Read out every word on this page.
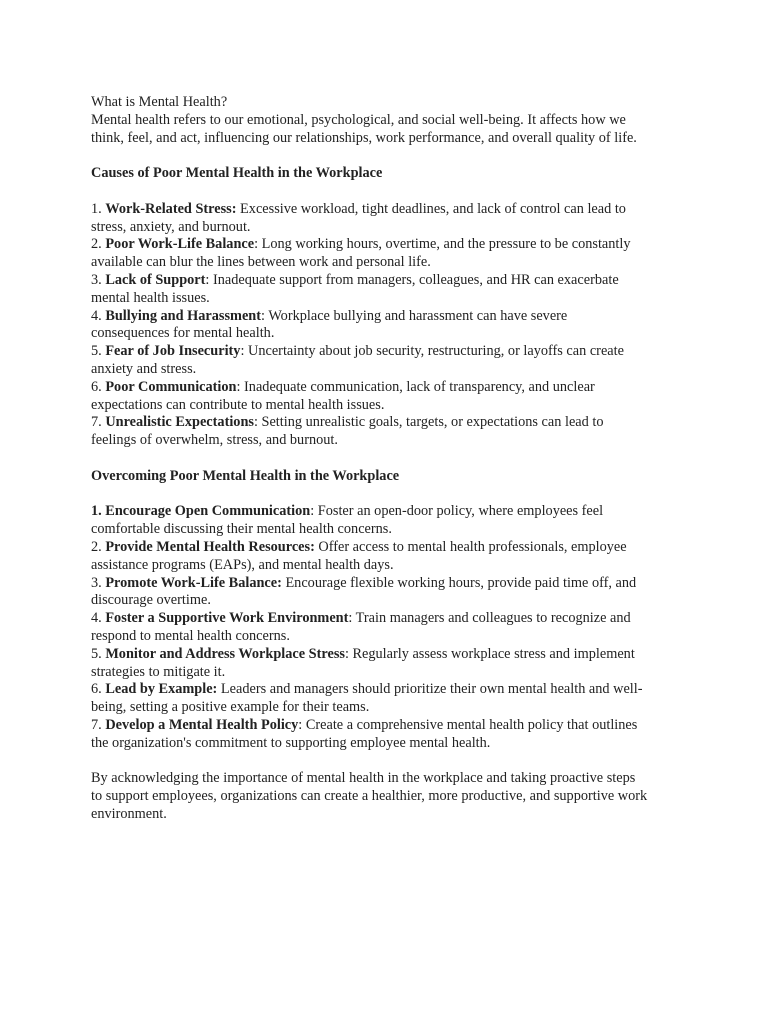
What is Mental Health?
Mental health refers to our emotional, psychological, and social well-being. It affects how we
think, feel, and act, influencing our relationships, work performance, and overall quality of life.
Causes of Poor Mental Health in the Workplace
1. Work-Related Stress: Excessive workload, tight deadlines, and lack of control can lead to
stress, anxiety, and burnout.
2. Poor Work-Life Balance: Long working hours, overtime, and the pressure to be constantly
available can blur the lines between work and personal life.
3. Lack of Support: Inadequate support from managers, colleagues, and HR can exacerbate
mental health issues.
4. Bullying and Harassment: Workplace bullying and harassment can have severe
consequences for mental health.
5. Fear of Job Insecurity: Uncertainty about job security, restructuring, or layoffs can create
anxiety and stress.
6. Poor Communication: Inadequate communication, lack of transparency, and unclear
expectations can contribute to mental health issues.
7. Unrealistic Expectations: Setting unrealistic goals, targets, or expectations can lead to
feelings of overwhelm, stress, and burnout.
Overcoming Poor Mental Health in the Workplace
1. Encourage Open Communication: Foster an open-door policy, where employees feel
comfortable discussing their mental health concerns.
2. Provide Mental Health Resources: Offer access to mental health professionals, employee
assistance programs (EAPs), and mental health days.
3. Promote Work-Life Balance: Encourage flexible working hours, provide paid time off, and
discourage overtime.
4. Foster a Supportive Work Environment: Train managers and colleagues to recognize and
respond to mental health concerns.
5. Monitor and Address Workplace Stress: Regularly assess workplace stress and implement
strategies to mitigate it.
6. Lead by Example: Leaders and managers should prioritize their own mental health and well-
being, setting a positive example for their teams.
7. Develop a Mental Health Policy: Create a comprehensive mental health policy that outlines
the organization's commitment to supporting employee mental health.
By acknowledging the importance of mental health in the workplace and taking proactive steps
to support employees, organizations can create a healthier, more productive, and supportive work
environment.
